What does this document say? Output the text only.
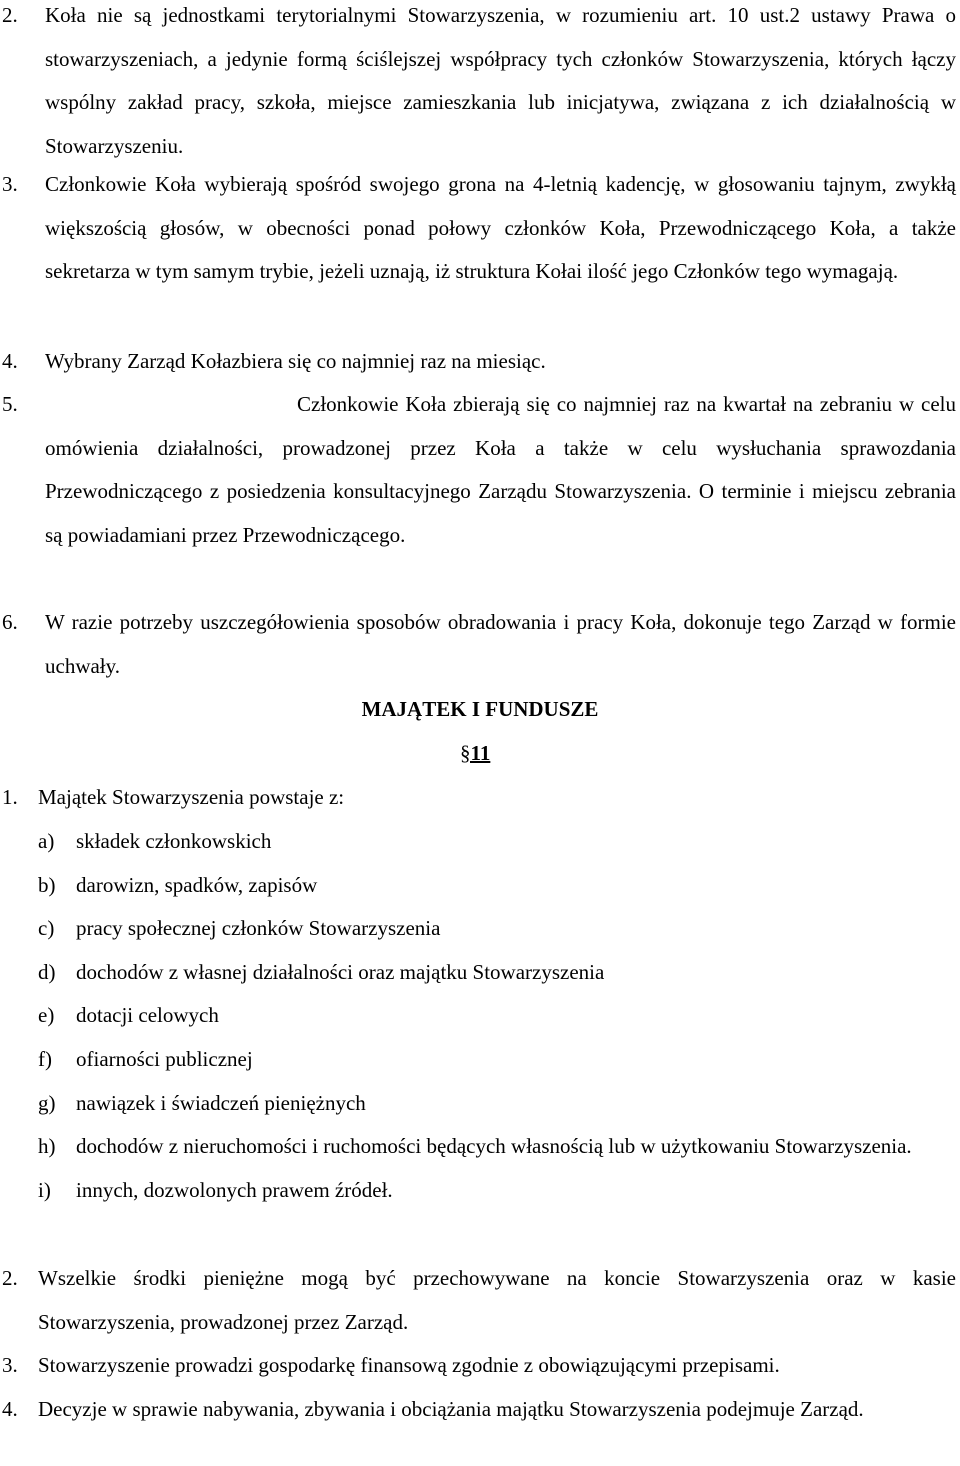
2. Koła nie są jednostkami terytorialnymi Stowarzyszenia, w rozumieniu art. 10 ust.2 ustawy Prawa o stowarzyszeniach, a jedynie formą ściślejszej współpracy tych członków Stowarzyszenia, których łączy wspólny zakład pracy, szkoła, miejsce zamieszkania lub inicjatywa, związana z ich działalnością w Stowarzyszeniu.
3. Członkowie Koła wybierają spośród swojego grona na 4-letnią kadencję, w głosowaniu tajnym, zwykłą większością głosów, w obecności ponad połowy członków Koła, Przewodniczącego Koła, a także sekretarza w tym samym trybie, jeżeli uznają, iż struktura Kołai ilość jego Członków tego wymagają.
4. Wybrany Zarząd Kołazbiera się co najmniej raz na miesiąc.
5.	Członkowie Koła zbierają się co najmniej raz na kwartał na zebraniu w celu omówienia działalności, prowadzonej przez Koła a także w celu wysłuchania sprawozdania Przewodniczącego z posiedzenia konsultacyjnego Zarządu Stowarzyszenia. O terminie i miejscu zebrania są powiadamiani przez Przewodniczącego.
6. W razie potrzeby uszczegółowienia sposobów obradowania i pracy Koła, dokonuje tego Zarząd w formie uchwały.
MAJĄTEK I FUNDUSZE
§11
1. Majątek Stowarzyszenia powstaje z:
a) składek członkowskich
b) darowizn, spadków, zapisów
c) pracy społecznej członków Stowarzyszenia
d) dochodów z własnej działalności oraz majątku Stowarzyszenia
e) dotacji celowych
f) ofiarności publicznej
g) nawiązek i świadczeń pieniężnych
h) dochodów z nieruchomości i ruchomości będących własnością lub w użytkowaniu Stowarzyszenia.
i) innych, dozwolonych prawem źródeł.
2. Wszelkie środki pieniężne mogą być przechowywane na koncie Stowarzyszenia oraz w kasie Stowarzyszenia, prowadzonej przez Zarząd.
3. Stowarzyszenie prowadzi gospodarkę finansową zgodnie z obowiązującymi przepisami.
4. Decyzje w sprawie nabywania, zbywania i obciążania majątku Stowarzyszenia podejmuje Zarząd.
